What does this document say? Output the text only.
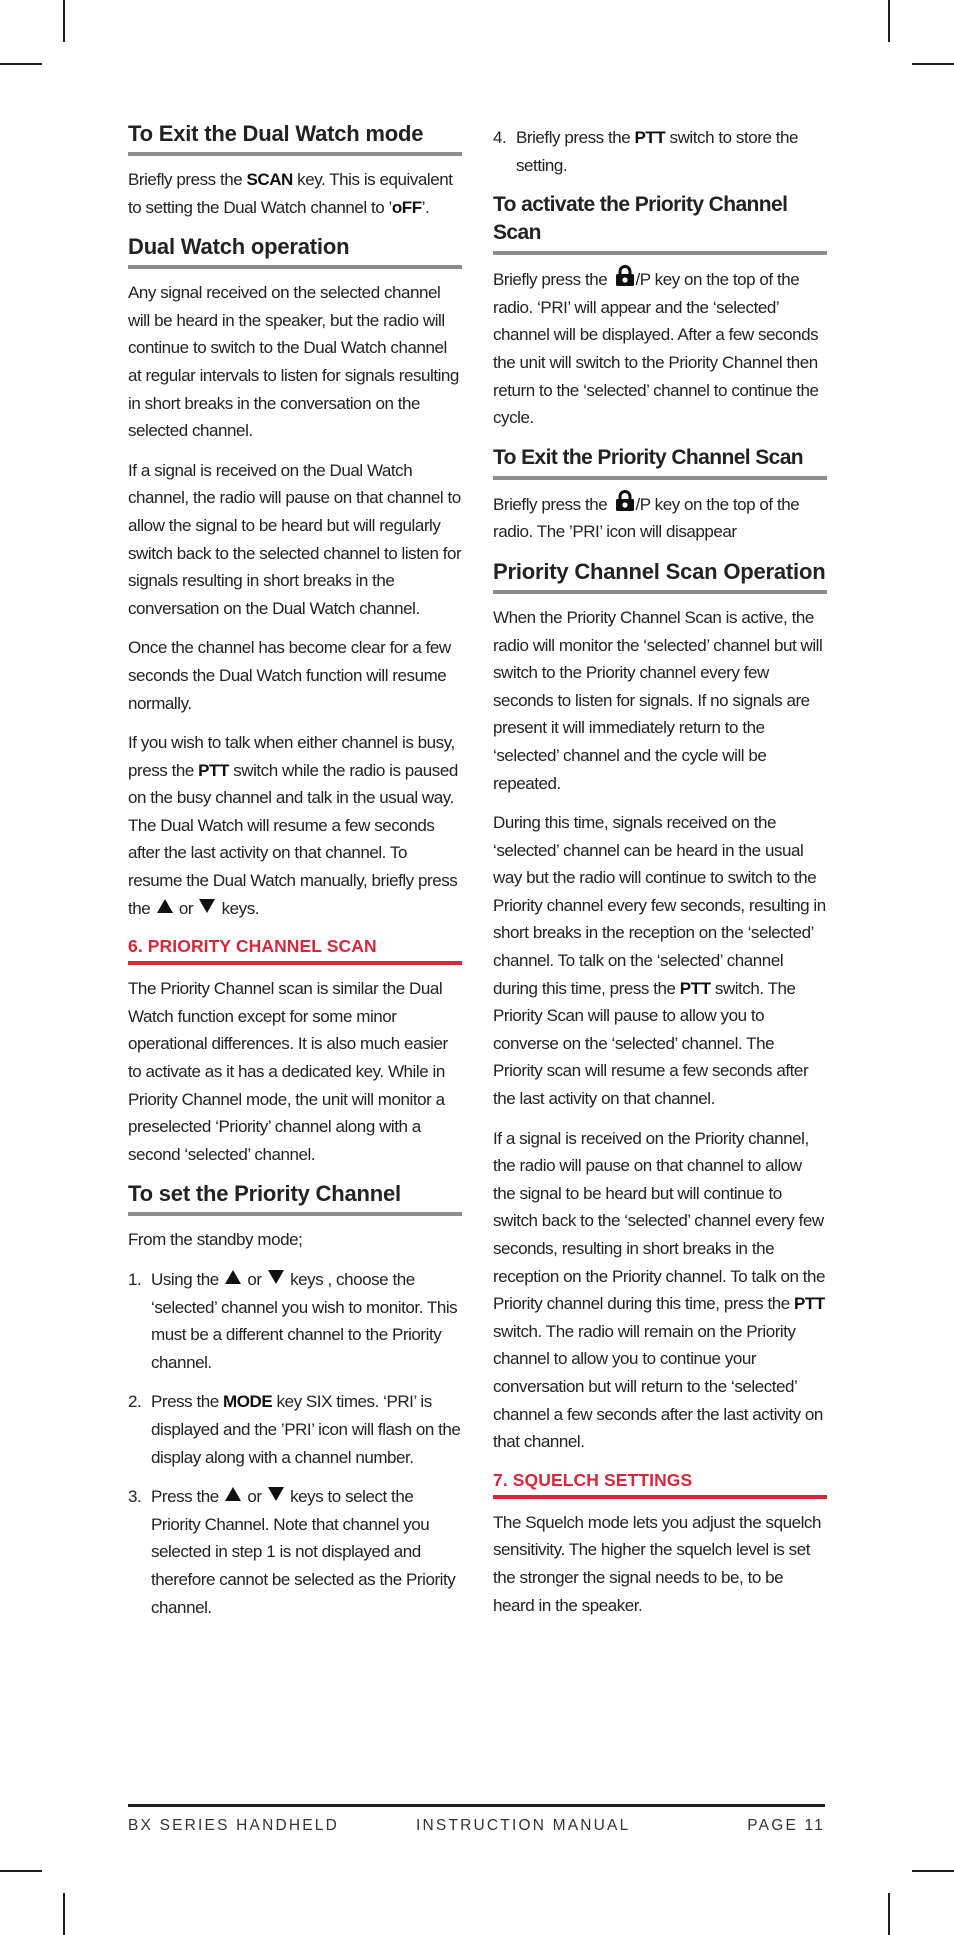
To Exit the Dual Watch mode

Briefly press the SCAN key. This is equivalent to setting the Dual Watch channel to ’oFF’.

Dual Watch operation

Any signal received on the selected channel will be heard in the speaker, but the radio will continue to switch to the Dual Watch channel at regular intervals to listen for signals resulting in short breaks in the conversation on the selected channel.

If a signal is received on the Dual Watch channel, the radio will pause on that channel to allow the signal to be heard but will regularly switch back to the selected channel to listen for signals resulting in short breaks in the conversation on the Dual Watch channel.

Once the channel has become clear for a few seconds the Dual Watch function will resume normally.

If you wish to talk when either channel is busy, press the PTT switch while the radio is paused on the busy channel and talk in the usual way. The Dual Watch will resume a few seconds after the last activity on that channel. To resume the Dual Watch manually, briefly press the  or  keys.

6. PRIORITY CHANNEL SCAN

The Priority Channel scan is similar the Dual Watch function except for some minor operational differences. It is also much easier to activate as it has a dedicated key. While in Priority Channel mode, the unit will monitor a preselected ‘Priority’ channel along with a second ‘selected’ channel.

To set the Priority Channel

From the standby mode;

1. Using the  or  keys , choose the ‘selected’ channel you wish to monitor. This must be a different channel to the Priority channel.
2. Press the MODE key SIX times. ‘PRI’ is displayed and the ’PRI’ icon will flash on the display along with a channel number.
3. Press the  or  keys to select the Priority Channel. Note that channel you selected in step 1 is not displayed and therefore cannot be selected as the Priority channel.
4. Briefly press the PTT switch to store the setting.
To activate the Priority Channel Scan

Briefly press the /P key on the top of the radio. ‘PRI’ will appear and the ‘selected’ channel will be displayed. After a few seconds the unit will switch to the Priority Channel then return to the ‘selected’ channel to continue the cycle.

To Exit the Priority Channel Scan

Briefly press the /P key on the top of the radio. The ’PRI’ icon will disappear

Priority Channel Scan Operation

When the Priority Channel Scan is active, the radio will monitor the ‘selected’ channel but will switch to the Priority channel every few seconds to listen for signals. If no signals are present it will immediately return to the ‘selected’ channel and the cycle will be repeated.

During this time, signals received on the ‘selected’ channel can be heard in the usual way but the radio will continue to switch to the Priority channel every few seconds, resulting in short breaks in the reception on the ‘selected’ channel. To talk on the ‘selected’ channel during this time, press the PTT switch. The Priority Scan will pause to allow you to converse on the ‘selected’ channel. The Priority scan will resume a few seconds after the last activity on that channel.

If a signal is received on the Priority channel, the radio will pause on that channel to allow the signal to be heard but will continue to switch back to the ‘selected’ channel every few seconds, resulting in short breaks in the reception on the Priority channel. To talk on the Priority channel during this time, press the PTT switch. The radio will remain on the Priority channel to allow you to continue your conversation but will return to the ‘selected’ channel a few seconds after the last activity on that channel.

7. SQUELCH SETTINGS

The Squelch mode lets you adjust the squelch sensitivity. The higher the squelch level is set the stronger the signal needs to be, to be heard in the speaker.

BX SERIES HANDHELD	INSTRUCTION MANUAL	PAGE 11
